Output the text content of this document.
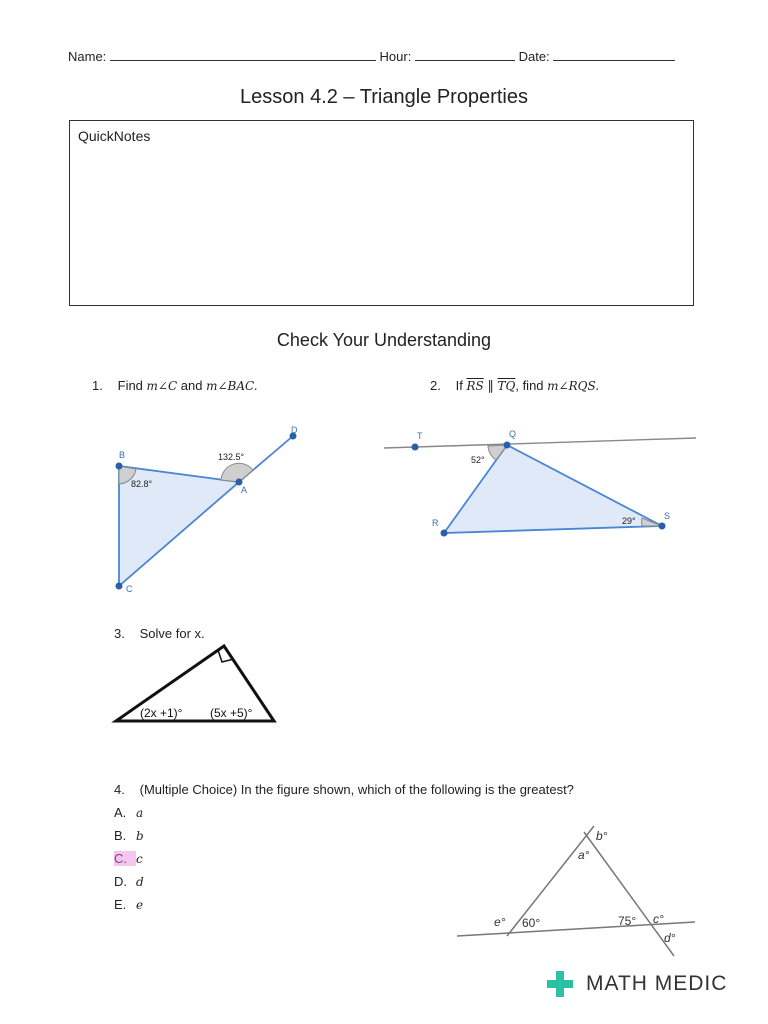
Name:	Hour:	Date:
Lesson 4.2 – Triangle Properties
QuickNotes
Check Your Understanding
1. Find m∠C and m∠BAC.	2. If $\overline{RS}$ ∥ $\overline{TQ}$, find m∠RQS.
B
A
C
D
82.8°
132.5°
T	Q
R
S
52°
29°
3. Solve for x.
(2x +1)° (5x +5)°
4. (Multiple Choice) In the figure shown, which of the following is the greatest?
A. a
B. b
C. c
D. d
E. e
b°
a°
e° 60°	75° c°
d°
MATH MEDIC
